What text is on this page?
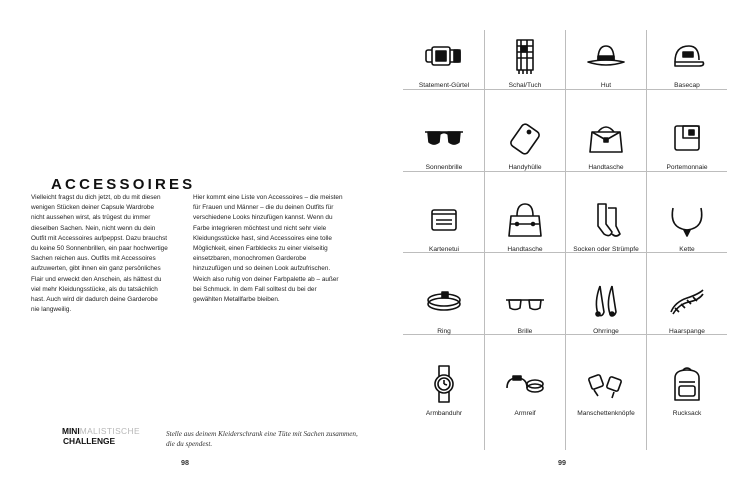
ACCESSOIRES
Vielleicht fragst du dich jetzt, ob du mit diesen wenigen Stücken deiner Capsule Wardrobe nicht aussehen wirst, als trügest du immer dieselben Sachen. Nein, nicht wenn du dein Outfit mit Accessoires aufpeppst. Dazu brauchst du keine 50 Sonnenbrillen, ein paar hochwertige Sachen reichen aus. Outfits mit Accessoires aufzuwerten, gibt ihnen ein ganz persönliches Flair und erweckt den Anschein, als hättest du viel mehr Kleidungsstücke, als du tatsächlich hast. Auch wird dir dadurch deine Garderobe nie langweilig.
Hier kommt eine Liste von Accessoires – die meisten für Frauen und Männer – die du deinen Outfits für verschiedene Looks hinzufügen kannst. Wenn du Farbe integrieren möchtest und nicht sehr viele Kleidungsstücke hast, sind Accessoires eine tolle Möglichkeit, einen Farbklecks zu einer vielseitig einsetzbaren, monochromen Garderobe hinzuzufügen und so deinen Look aufzufrischen. Weich also ruhig von deiner Farbpalette ab – außer bei Schmuck. In dem Fall solltest du bei der gewählten Metallfarbe bleiben.
MINIMALISTISCHE
CHALLENGE
Stelle aus deinem Kleiderschrank eine Tüte mit Sachen zusammen, die du spendest.
98
Statement-Gürtel	Schal/Tuch	Hut	Basecap
Sonnenbrille	Handyhülle	Handtasche	Portemonnaie
Kartenetui	Handtasche	Socken oder Strümpfe	Kette
Ring	Brille	Ohrringe	Haarspange
Armbanduhr	Armreif	Manschettenknöpfe	Rucksack
99
